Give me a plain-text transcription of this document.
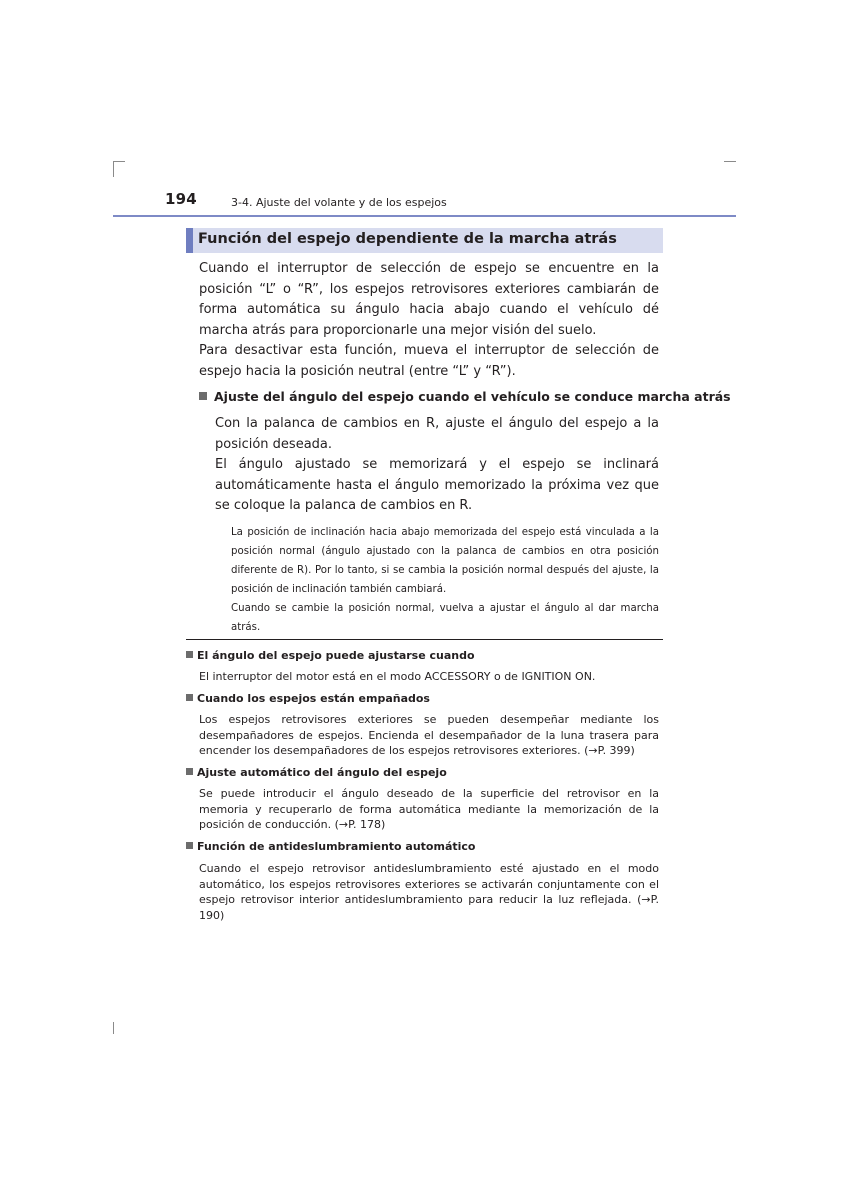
194	3-4. Ajuste del volante y de los espejos
Función del espejo dependiente de la marcha atrás
Cuando el interruptor de selección de espejo se encuentre en la posición “L” o “R”, los espejos retrovisores exteriores cambiarán de forma automática su ángulo hacia abajo cuando el vehículo dé marcha atrás para proporcionarle una mejor visión del suelo.
Para desactivar esta función, mueva el interruptor de selección de espejo hacia la posición neutral (entre “L” y “R”).
Ajuste del ángulo del espejo cuando el vehículo se conduce marcha atrás
Con la palanca de cambios en R, ajuste el ángulo del espejo a la posición deseada.
El ángulo ajustado se memorizará y el espejo se inclinará automáticamente hasta el ángulo memorizado la próxima vez que se coloque la palanca de cambios en R.
La posición de inclinación hacia abajo memorizada del espejo está vinculada a la posición normal (ángulo ajustado con la palanca de cambios en otra posición diferente de R). Por lo tanto, si se cambia la posición normal después del ajuste, la posición de inclinación también cambiará.
Cuando se cambie la posición normal, vuelva a ajustar el ángulo al dar marcha atrás.
El ángulo del espejo puede ajustarse cuando
El interruptor del motor está en el modo ACCESSORY o de IGNITION ON.
Cuando los espejos están empañados
Los espejos retrovisores exteriores se pueden desempeñar mediante los desempañadores de espejos. Encienda el desempañador de la luna trasera para encender los desempañadores de los espejos retrovisores exteriores. (→P. 399)
Ajuste automático del ángulo del espejo
Se puede introducir el ángulo deseado de la superficie del retrovisor en la memoria y recuperarlo de forma automática mediante la memorización de la posición de conducción. (→P. 178)
Función de antideslumbramiento automático
Cuando el espejo retrovisor antideslumbramiento esté ajustado en el modo automático, los espejos retrovisores exteriores se activarán conjuntamente con el espejo retrovisor interior antideslumbramiento para reducir la luz reflejada. (→P. 190)
